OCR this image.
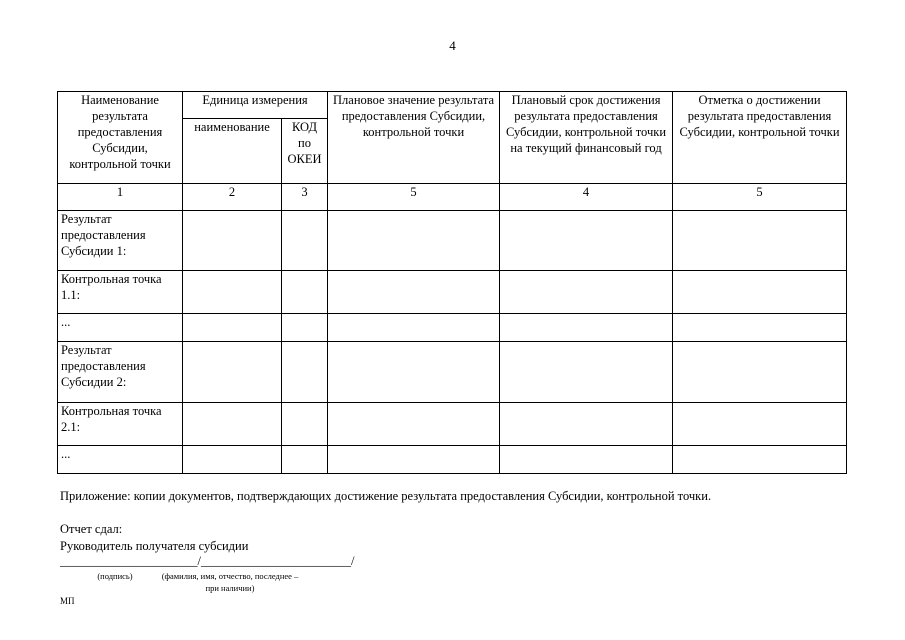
4
Наименование результата предоставления Субсидии, контрольной точки	Единица измерения		Плановое значение результата предоставления Субсидии, контрольной точки	Плановый срок достижения результата предоставления Субсидии, контрольной точки на текущий финансовый год	Отметка о достижении результата предоставления Субсидии, контрольной точки
	наименование	КОД по ОКЕИ			
1	2	3	5	4	5
Результат предоставления Субсидии 1:					
Контрольная точка 1.1:					
...					
Результат предоставления Субсидии 2:					
Контрольная точка 2.1:					
...					
Приложение: копии документов, подтверждающих достижение результата предоставления Субсидии, контрольной точки.
Отчет сдал:
Руководитель получателя субсидии
______________________/________________________/
(подпись)	(фамилия, имя, отчество, последнее – при наличии)
МП
